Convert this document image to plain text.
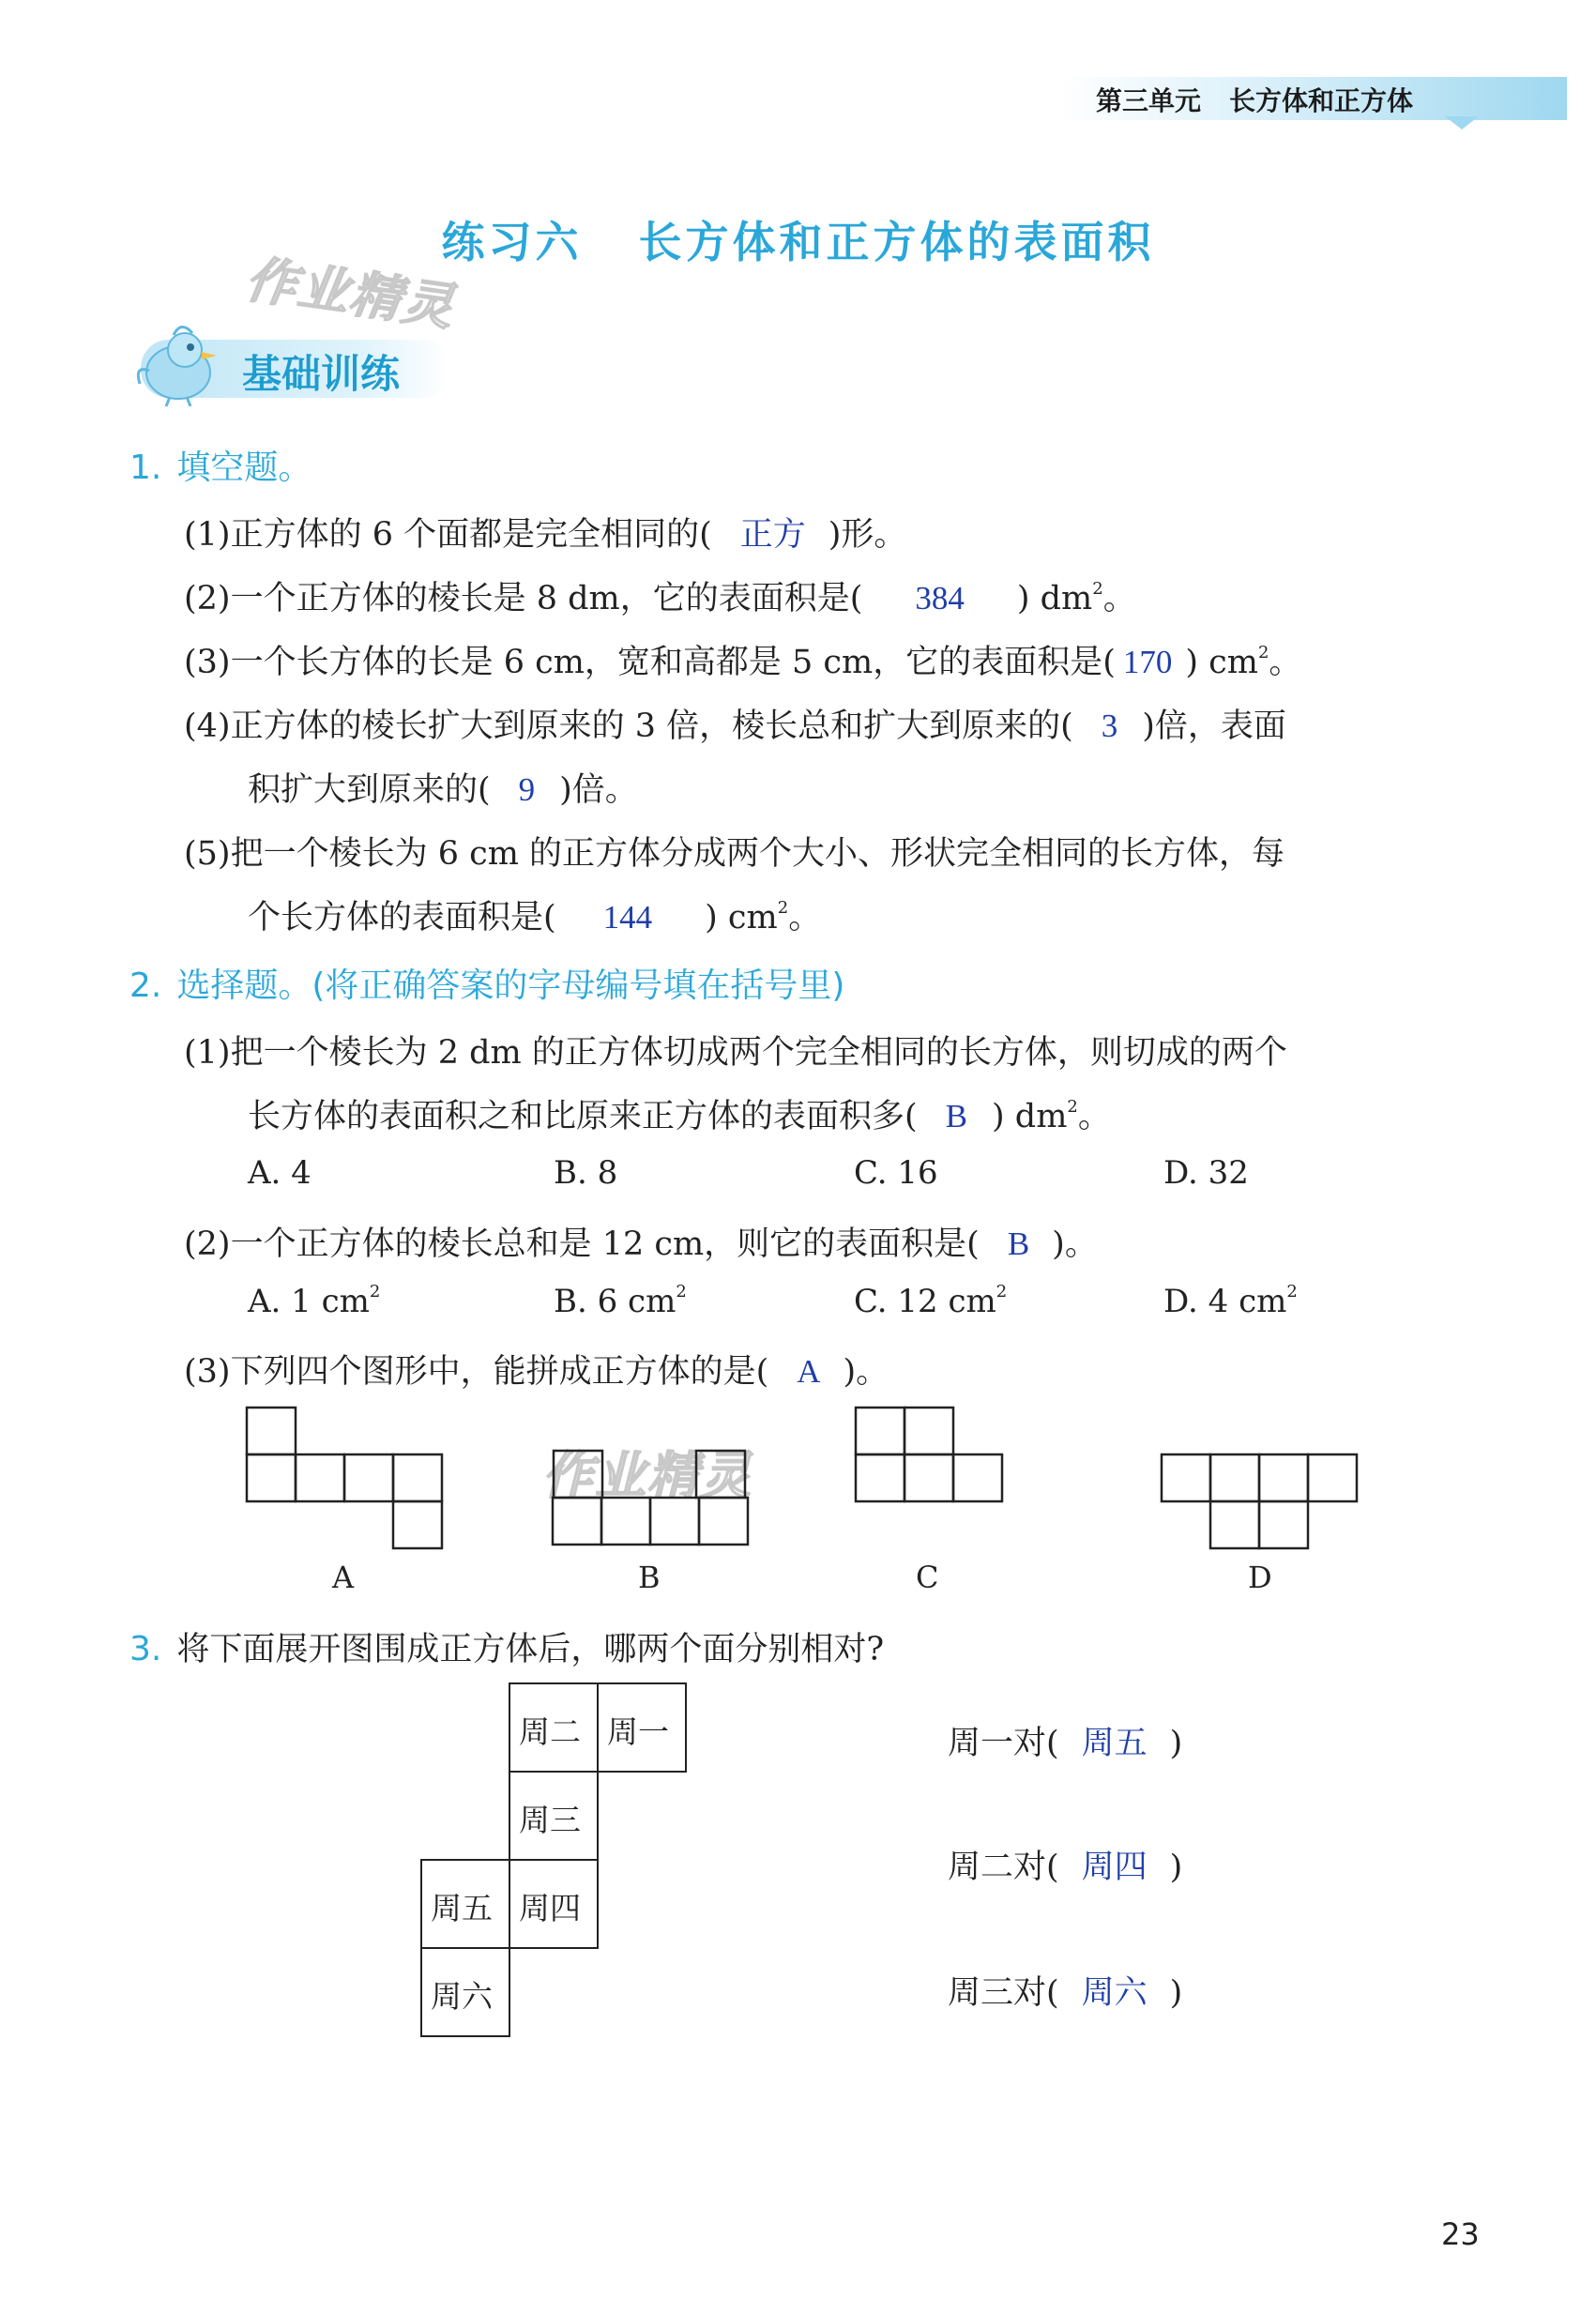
第三单元 长方体和正方体
练习六 长方体和正方体的表面积
作业精灵
作业精灵
基础训练
1. 填空题。
(1)正方体的 6 个面都是完全相同的( 正方 )形。
(2)一个正方体的棱长是 8 dm，它的表面积是( 384 ) $dm^2$。
(3)一个长方体的长是 6 cm，宽和高都是 5 cm，它的表面积是( 170 ) $cm^2$。
(4)正方体的棱长扩大到原来的 3 倍，棱长总和扩大到原来的( 3 )倍，表面
积扩大到原来的( 9 )倍。
(5)把一个棱长为 6 cm 的正方体分成两个大小、形状完全相同的长方体，每
个长方体的表面积是( 144 ) $cm^2$。
2. 选择题。(将正确答案的字母编号填在括号里)
(1)把一个棱长为 2 dm 的正方体切成两个完全相同的长方体，则切成的两个
长方体的表面积之和比原来正方体的表面积多( B ) $dm^2$。
A. 4	B. 8	C. 16	D. 32
(2)一个正方体的棱长总和是 12 cm，则它的表面积是( B )。
A. 1 $cm^2$	B. 6 $cm^2$	C. 12 $cm^2$	D. 4 $cm^2$
(3)下列四个图形中，能拼成正方体的是( A )。
A	B	C	D
3. 将下面展开图围成正方体后，哪两个面分别相对?
周二 周一
周三
周五 周四
周六
周一对( 周五 )
周二对( 周四 )
周三对( 周六 )
23
